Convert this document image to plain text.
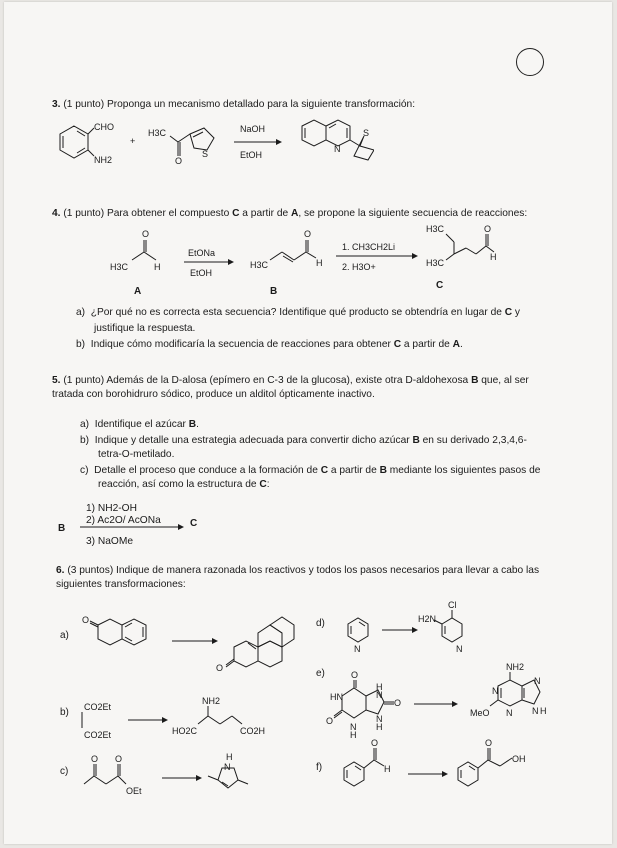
3. (1 punto) Proponga un mecanismo detallado para la siguiente transformación:
CHO
NH2
+
H3C
O
S
NaOH
EtOH
N
S
4. (1 punto) Para obtener el compuesto C a partir de A, se propone la siguiente secuencia de reacciones:
O
H3C	H
EtONa
EtOH
O
H3C	H
1. CH3CH2Li
2. H3O+
O
H3C
H3C
H
A	B
C
a) ¿Por qué no es correcta esta secuencia? Identifique qué producto se obtendría en lugar de C y
justifique la respuesta.
b) Indique cómo modificaría la secuencia de reacciones para obtener C a partir de A.
5. (1 punto) Además de la D-alosa (epímero en C-3 de la glucosa), existe otra D-aldohexosa B que, al ser
tratada con borohidruro sódico, produce un alditol ópticamente inactivo.
a) Identifique el azúcar B.
b) Indique y detalle una estrategia adecuada para convertir dicho azúcar B en su derivado 2,3,4,6-
tetra-O-metilado.
c) Detalle el proceso que conduce a la formación de C a partir de B mediante los siguientes pasos de
reacción, así como la estructura de C:
B
1) NH2-OH
2) Ac2O/ AcONa
3) NaOMe
C
6. (3 puntos) Indique de manera razonada los reactivos y todos los pasos necesarios para llevar a cabo las
siguientes transformaciones:
a)
O
O
b) CO2Et
CO2Et
NH2
HO2C	CO2H
c)
O O
OEt
H
N
d)
N
Cl
H2N
N
e)	O
O
O
HN
N
H
H
N
N
H
NH2
MeO
N
N
N
N H
f)
O
H
O
OH
